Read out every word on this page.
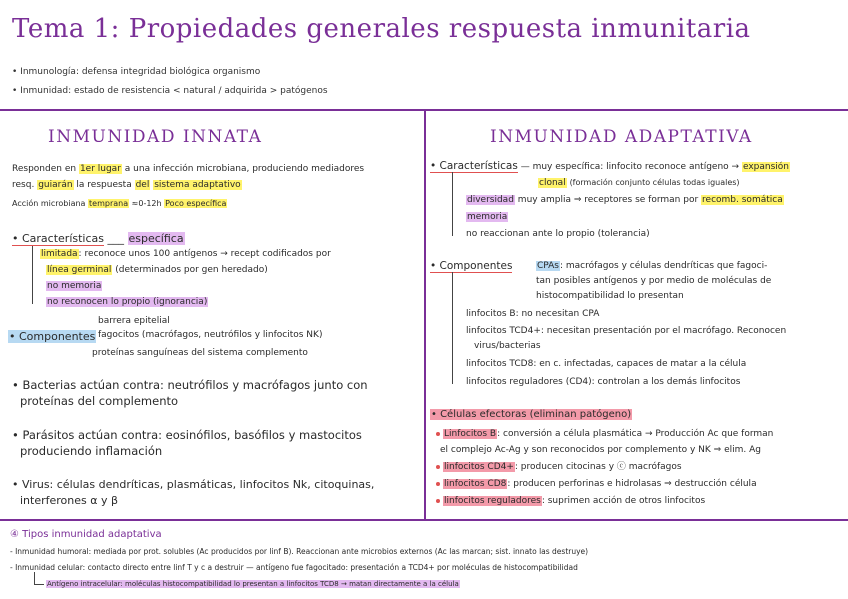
Tema 1: Propiedades generales respuesta inmunitaria
• Inmunología: defensa integridad biológica organismo
• Inmunidad: estado de resistencia < natural / adquirida > patógenos
INMUNIDAD INNATA
Responden en 1er lugar a una infección microbiana, produciendo mediadores
resq. guiarán la respuesta del sistema adaptativo
Acción microbiana temprana ≈0-12h Poco específica
• Características ___ específica
limitada: reconoce unos 100 antígenos → recept codificados por
línea germinal (determinados por gen heredado)
no memoria
no reconocen lo propio (ignorancia)
• Componentes
barrera epitelial
fagocitos (macrófagos, neutrófilos y linfocitos NK)
proteínas sanguíneas del sistema complemento
• Bacterias actúan contra: neutrófilos y macrófagos junto con
proteínas del complemento
• Parásitos actúan contra: eosinófilos, basófilos y mastocitos
produciendo inflamación
• Virus: células dendríticas, plasmáticas, linfocitos Nk, citoquinas,
interferones α y β
INMUNIDAD ADAPTATIVA
• Características — muy específica: linfocito reconoce antígeno → expansión
clonal (formación conjunto células todas iguales)
diversidad muy amplia ⇒ receptores se forman por recomb. somática
memoria
no reaccionan ante lo propio (tolerancia)
• Componentes	CPAs: macrófagos y células dendríticas que fagoci-
tan posibles antígenos y por medio de moléculas de
histocompatibilidad lo presentan
linfocitos B: no necesitan CPA
linfocitos TCD4+: necesitan presentación por el macrófago. Reconocen
virus/bacterias
linfocitos TCD8: en c. infectadas, capaces de matar a la célula
linfocitos reguladores (CD4): controlan a los demás linfocitos
• Células efectoras (eliminan patógeno)
Linfocitos B: conversión a célula plasmática → Producción Ac que forman
el complejo Ac-Ag y son reconocidos por complemento y NK ⇒ elim. Ag
linfocitos CD4+: producen citocinas y ⓒ macrófagos
linfocitos CD8: producen perforinas e hidrolasas ⇒ destrucción célula
linfocitos reguladores: suprimen acción de otros linfocitos
④ Tipos inmunidad adaptativa
- Inmunidad humoral: mediada por prot. solubles (Ac producidos por linf B). Reaccionan ante microbios externos (Ac las marcan; sist. innato las destruye)
- Inmunidad celular: contacto directo entre linf T y c a destruir — antígeno fue fagocitado: presentación a TCD4+ por moléculas de histocompatibilidad
Antígeno intracelular: moléculas histocompatibilidad lo presentan a linfocitos TCD8 → matan directamente a la célula
